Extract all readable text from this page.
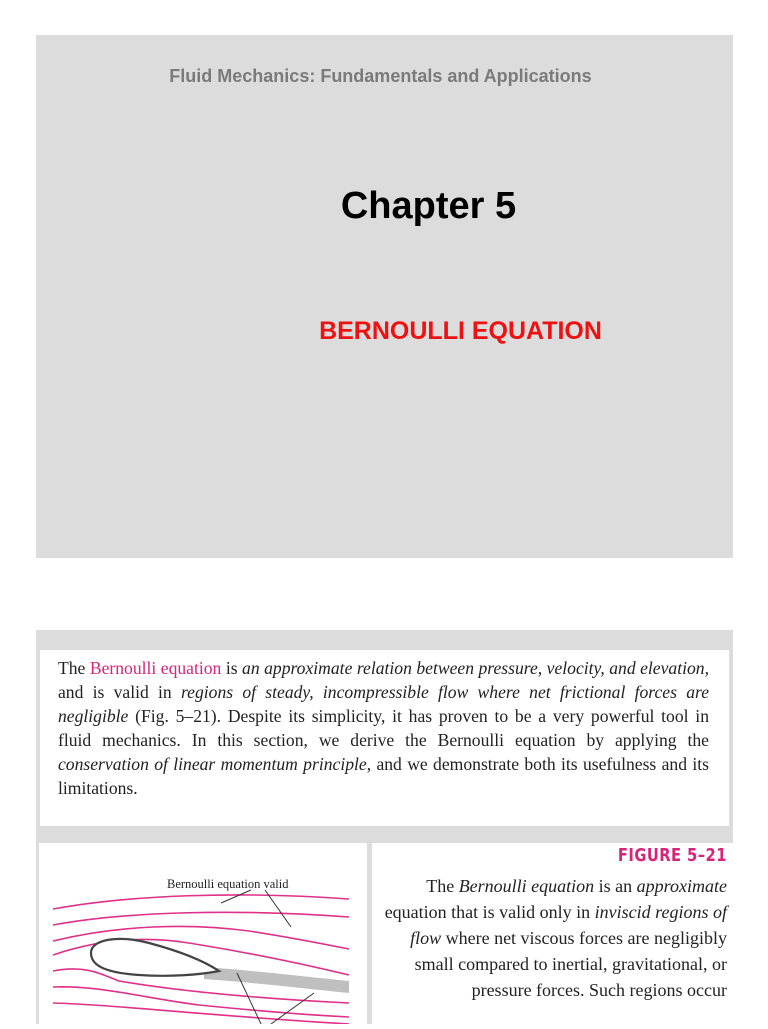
Fluid Mechanics: Fundamentals and Applications
Chapter 5
BERNOULLI EQUATION
The Bernoulli equation is an approximate relation between pressure, velocity, and elevation, and is valid in regions of steady, incompressible flow where net frictional forces are negligible (Fig. 5–21). Despite its simplicity, it has proven to be a very powerful tool in fluid mechanics. In this section, we derive the Bernoulli equation by applying the conservation of linear momentum principle, and we demonstrate both its usefulness and its limitations.
Bernoulli equation valid
FIGURE 5–21
The Bernoulli equation is an approximate equation that is valid only in inviscid regions of flow where net viscous forces are negligibly small compared to inertial, gravitational, or pressure forces. Such regions occur
